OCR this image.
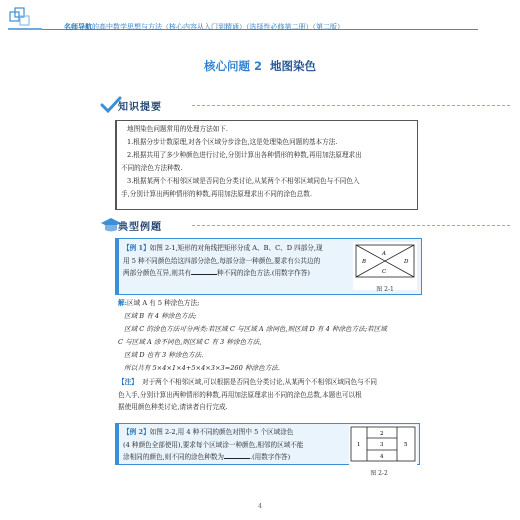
名师导航的高中数学思想与方法（核心内容从入门到精通）（选择性必修第二册）（第二版）
核心问题 2 地图染色
知识提要

地图染色问题常用的处理方法如下.

1.根据分步计数原理,对各个区域分步涂色,这是处理染色问题的基本方法.

2.根据共用了多少种颜色进行讨论,分别计算出各种情形的种数,再用加法原理求出

不同的涂色方法种数.

3.根据某两个不相邻区域是否同色分类讨论,从某两个不相邻区域同色与不同色入

手,分别计算出两种情形的种数,再用加法原理求出不同的涂色总数.

典型例题
【例 1】如图 2-1,矩形的对角线把矩形分成 A、B、C、D 四部分,现
用 5 种不同颜色给这四部分涂色,每部分涂一种颜色,要求有公共边的
两部分颜色互异,则共有	种不同的涂色方法.(用数字作答)
A
B
C
D
图 2-1
解:区域 A 有 5 种涂色方法;
区域 B 有 4 种涂色方法;
区域 C 的涂色方法可分两类:若区域 C 与区域 A 涂同色,则区域 D 有 4 种涂色方法;若区域
C 与区域 A 涂不同色,则区域 C 有 3 种涂色方法,
区域 D 也有 3 种涂色方法.
所以共有 5×4×1×4+5×4×3×3=260 种涂色方法.
【注】 对于两个不相邻区域,可以根据是否同色分类讨论,从某两个不相邻区域同色与不同
色入手,分别计算出两种情形的种数,再用加法原理求出不同的涂色总数,本题也可以根
据使用颜色种类讨论,请读者自行完成.
【例 2】如图 2-2,用 4 种不同的颜色对图中 5 个区域涂色
(4 种颜色全部使用),要求每个区域涂一种颜色,相邻的区域不能
涂相同的颜色,则不同的涂色种数为	.(用数字作答)
1
2
3
4
5
图 2-2
4
